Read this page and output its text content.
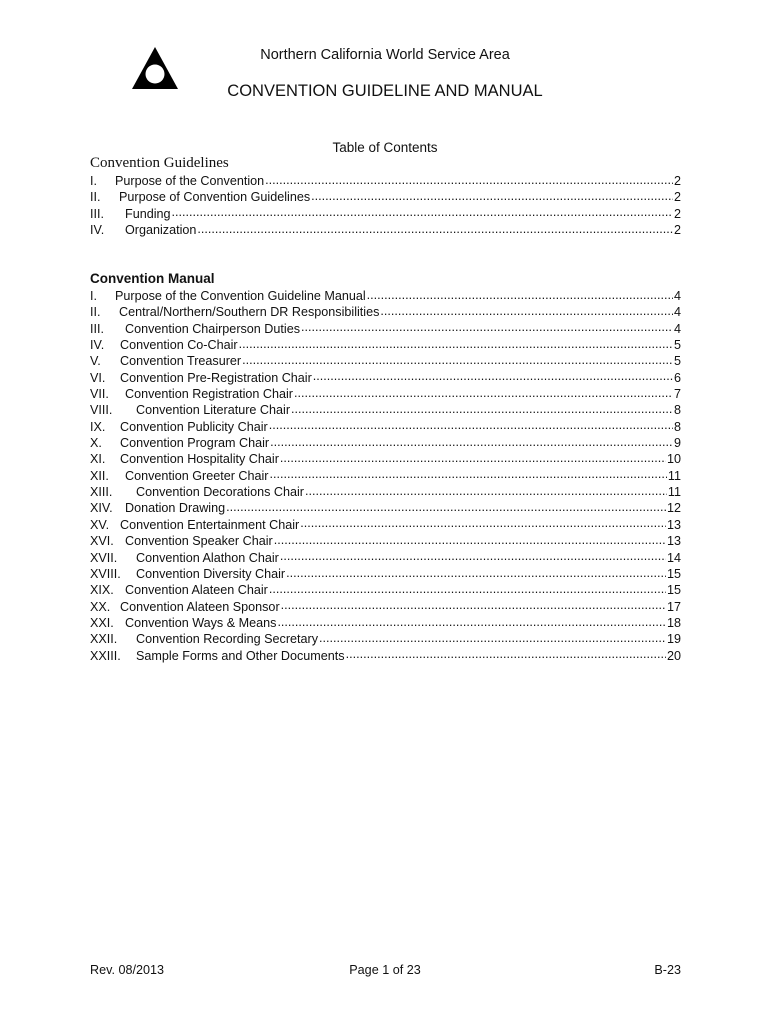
Northern California World Service Area
CONVENTION GUIDELINE AND MANUAL
Table of Contents
Convention Guidelines
I.	Purpose of the Convention .....	2
II.	Purpose of Convention Guidelines .....	2
III.	Funding .....	2
IV.	Organization .....	2
Convention Manual
I.	Purpose of the Convention Guideline Manual .....	4
II.	Central/Northern/Southern DR Responsibilities .....	4
III.	Convention Chairperson Duties .....	4
IV.	Convention Co-Chair .....	5
V.	Convention Treasurer .....	5
VI.	Convention Pre-Registration Chair .....	6
VII.	Convention Registration Chair .....	7
VIII.	Convention Literature Chair .....	8
IX.	Convention Publicity Chair .....	8
X.	Convention Program Chair .....	9
XI.	Convention Hospitality Chair .....	10
XII.	Convention Greeter Chair .....	11
XIII.	Convention Decorations Chair .....	11
XIV. Donation Drawing .....	12
XV. Convention Entertainment Chair .....	13
XVI. Convention Speaker Chair .....	13
XVII.	Convention Alathon Chair .....	14
XVIII.	Convention Diversity Chair .....	15
XIX. Convention Alateen Chair .....	15
XX. Convention Alateen Sponsor .....	17
XXI. Convention Ways & Means .....	18
XXII.	Convention Recording Secretary .....	19
XXIII.	Sample Forms and Other Documents .....	20
Rev. 08/2013	Page 1 of 23	B-23
